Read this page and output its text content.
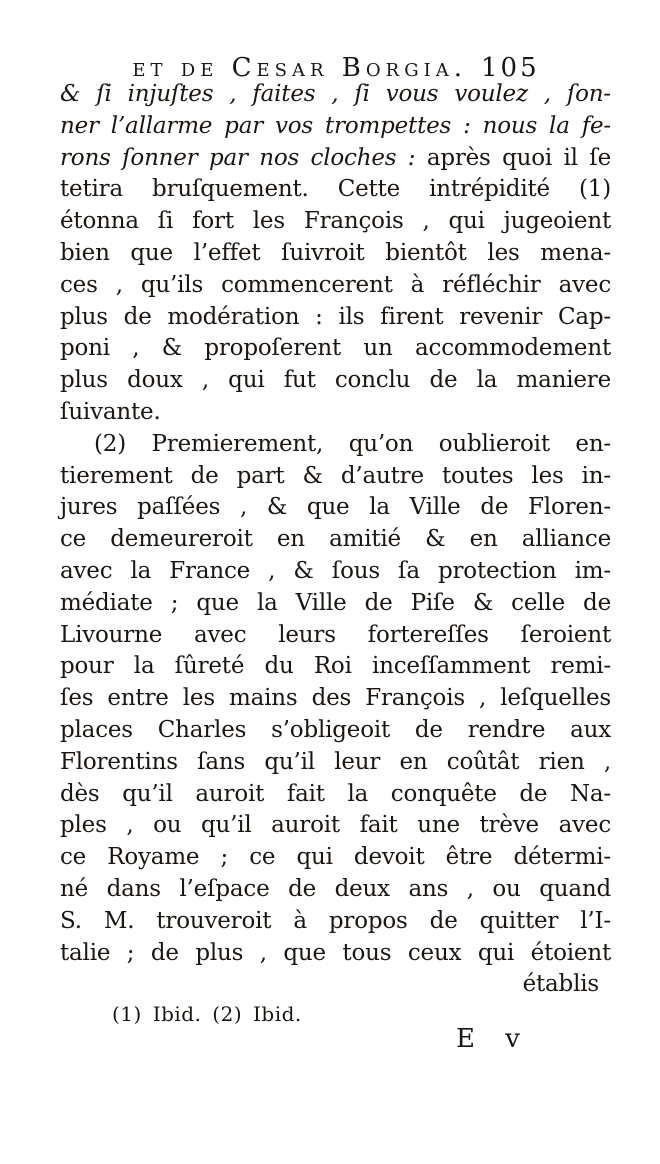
et de Cesar Borgia. 105
& ſi injuſtes , faites , ſi vous voulez , ſon-
ner l’allarme par vos trompettes : nous la fe-
rons ſonner par nos cloches : après quoi il ſe
tetira bruſquement. Cette intrépidité (1)
étonna ſi fort les François , qui jugeoient
bien que l’effet ſuivroit bientôt les mena-
ces , qu’ils commencerent à réfléchir avec
plus de modération : ils firent revenir Cap-
poni , & propoſerent un accommodement
plus doux , qui fut conclu de la maniere
ſuivante.
(2) Premierement, qu’on oublieroit en-
tierement de part & d’autre toutes les in-
jures paſſées , & que la Ville de Floren-
ce demeureroit en amitié & en alliance
avec la France , & ſous ſa protection im-
médiate ; que la Ville de Piſe & celle de
Livourne avec leurs fortereſſes ſeroient
pour la ſûreté du Roi inceſſamment remi-
ſes entre les mains des François , leſquelles
places Charles s’obligeoit de rendre aux
Florentins ſans qu’il leur en coûtât rien ,
dès qu’il auroit fait la conquête de Na-
ples , ou qu’il auroit fait une trève avec
ce Royame ; ce qui devoit être détermi-
né dans l’eſpace de deux ans , ou quand
S. M. trouveroit à propos de quitter l’I-
talie ; de plus , que tous ceux qui étoient
établis
(1) Ibid. (2) Ibid.
E v
